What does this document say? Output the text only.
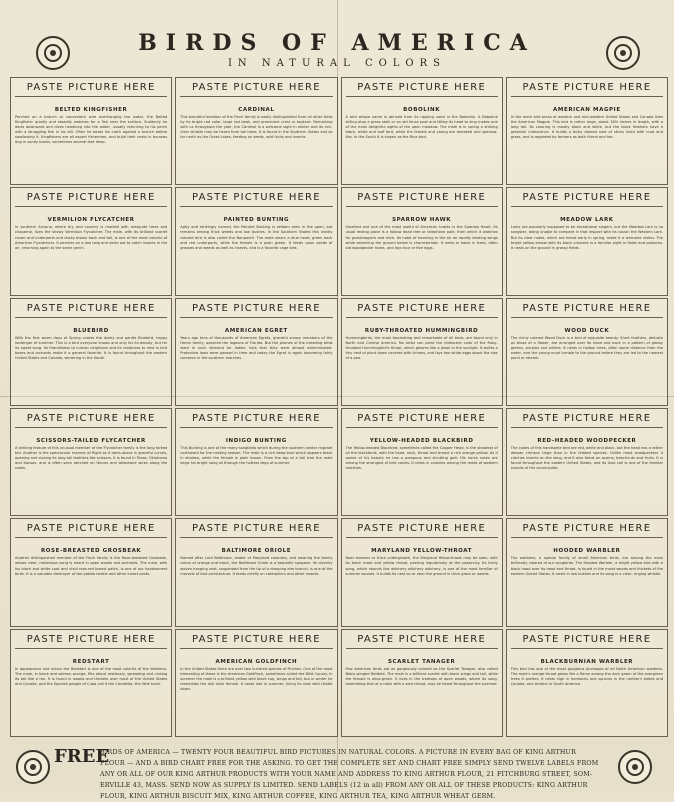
BIRDS OF AMERICA
IN NATURAL COLORS
PASTE PICTURE HERE
BELTED KINGFISHER
Perched on a branch or convenient wire overhanging the water, the Belted Kingfisher quietly and steadily watches for a fish near the surface. Suddenly he darts downward and dives headlong into the water, usually returning to his perch with a struggling fish in his bill. Often he beats his catch against a branch before swallowing it. Kingfishers are all expert fishermen, and build their nests in burrows dug in sandy banks, sometimes several feet deep.
PASTE PICTURE HERE
CARDINAL
This beautiful member of the Finch family is easily distinguished from all other birds by its bright red color, large red beak, and prominent crest or topknot. Remaining with us throughout the year, the Cardinal is a welcome sight in winter and its rich, clear whistle may be heard from tall trees. It is found in the Southern States and as far north as the Great Lakes, feeding on seeds, wild fruits and insects.
PASTE PICTURE HERE
BOBOLINK
A bird whose name is derived from its rippling voice is the Bobolink. A Bobolink sitting atop a grass stalk or an old fence post and tilting its head to sing makes one of the most delightful sights of the open meadow. The male is in spring a striking black, white and buff bird, while the female and young are streaked and sparrow-like. In the South it is known as the Rice-bird.
PASTE PICTURE HERE
AMERICAN MAGPIE
In the more arid areas of western and mid-western United States and Canada lives the American Magpie. This bird is rather large, about 18½ inches in length, with a long tail. Its coloring is mostly black and white, but the black feathers have a greenish iridescence. It builds a bulky domed nest of sticks lined with mud and grass, and is regarded by farmers as both friend and foe.
PASTE PICTURE HERE
VERMILION FLYCATCHER
In southern Arizona, where dry and country is marked with mesquite trees and chaparral, lives the showy Vermilion Flycatcher. The male, with its brilliant scarlet crown and underparts and dusky brown back and tail, is one of the most colorful of American Flycatchers. It perches on a low twig and darts out to catch insects in the air, returning again to the same perch.
PASTE PICTURE HERE
PAINTED BUNTING
Aptly and strikingly named, the Painted Bunting is seldom seen in the open, but remains among thick weeds and low bushes. In the Southern States this vividly colored bird is also called the Nonpareil. The male wears a blue head, green back and red underparts, while the female is a plain green. It feeds upon seeds of grasses and weeds as well as insects, and is a favorite cage bird.
PASTE PICTURE HERE
SPARROW HAWK
Smallest and one of the most useful of American hawks is the Sparrow Hawk. Its usual resting place is a hollow dead tree or telephone pole, from which it watches for grasshoppers and mice. Its habit of hovering in the air on rapidly beating wings while searching the ground below is characteristic. It nests in holes in trees, often old woodpecker holes, and lays four or five eggs.
PASTE PICTURE HERE
MEADOW LARK
Larks are popularly supposed to be exceptional singers, but the Meadow Lark is no songster, being unable to compare in that respect with its cousin the Western Lark. But its clear notes, which are heard early in spring, make it a welcome visitor. The bright yellow breast with its black crescent is a familiar sight in fields and pastures. It nests on the ground in grassy fields.
PASTE PICTURE HERE
BLUEBIRD
With the first warm days of Spring comes the lovely and gentle Bluebird, happy harbinger of summer. This is a bird everyone knows and only for its beauty, but for its sweet song. Its friendliness to human neighbors and its readiness to nest in bird boxes and orchards make it a general favorite. It is found throughout the eastern United States and Canada, wintering in the South.
PASTE PICTURE HERE
AMERICAN EGRET
Years ago tens of thousands of American Egrets, graceful snowy members of the Heron family, adorned the lagoons of Florida. But the plumes of the breeding birds were in such demand for ladies' hats that they were almost exterminated. Protective laws were passed in time and today the Egret is again becoming fairly common in the southern marshes.
PASTE PICTURE HERE
RUBY-THROATED HUMMINGBIRD
Hummingbirds, the most fascinating and remarkable of all birds, are found only in North and Central America. No artist can paint the iridescent color of the Ruby-throated Hummingbird's throat, which gleams like a jewel in the sunlight. It builds a tiny nest of plant down covered with lichens, and lays two white eggs about the size of a pea.
PASTE PICTURE HERE
WOOD DUCK
The richly colored Wood Duck is a bird of exquisite beauty. Short feathers, delicate as those of a flower, are arranged over its head and back in a pattern of glossy greens, purples and whites. It nests in hollow trees, often some distance from the water, and the young must tumble to the ground before they are led to the nearest pond or stream.
PASTE PICTURE HERE
SCISSORS-TAILED FLYCATCHER
A striking feature of this unusual member of the Flycatcher family is the long forked tail. Another is the spectacular manner of flight as it darts about in graceful curves, opening and closing its long tail feathers like scissors. It is found in Texas, Oklahoma and Kansas, and is often seen perched on fences and telephone wires along the roads.
PASTE PICTURE HERE
INDIGO BUNTING
This Bunting is one of the many songbirds which during the southern winter migrate northward for the nesting season. The male is a rich deep blue which appears black in shadow, while the female is plain brown. From the top of a tall tree the male sings his bright song all through the hottest days of summer.
PASTE PICTURE HERE
YELLOW-HEADED BLACKBIRD
The Yellow-headed Blackbird, sometimes called the Copper Head, is the showiest of all the blackbirds, with the head, neck, throat and breast a rich orange-yellow. As if aware of his beauty he has a pompous and strutting gait. His harsh notes are among the strangest of bird voices. It nests in colonies among the reeds of western marshes.
PASTE PICTURE HERE
RED-HEADED WOODPECKER
The colors of this handsome bird are red, white and black, but the head has a rather deeper crimson tinge than in the related species. Unlike most woodpeckers it catches insects on the wing, and it also feeds on acorns, beechnuts and fruits. It is found throughout the eastern United States, and its loud call is one of the familiar sounds of the countryside.
PASTE PICTURE HERE
ROSE-BREASTED GROSBEAK
Another distinguished member of the Finch family is the Rose-breasted Grosbeak, whose clear, melodious song is heard in open woods and orchards. The male, with his black and white coat and vivid rose-red breast patch, is one of our handsomest birds. It is a valuable destroyer of the potato beetle and other insect pests.
PASTE PICTURE HERE
BALTIMORE ORIOLE
Named after Lord Baltimore, leader of Maryland colonists, and wearing the family colors of orange and black, the Baltimore Oriole is a beautiful songster. Its cleverly woven hanging nest, suspended from the tip of a drooping elm branch, is one of the marvels of bird architecture. It feeds chiefly on caterpillars and other insects.
PASTE PICTURE HERE
MARYLAND YELLOW-THROAT
Near streams or thick undergrowth, the Maryland Yellow-throat may be seen, with its black mask and yellow throat, peering inquisitively at the passer-by. Its lively song, which sounds like witchery witchery witchery, is one of the most familiar of summer sounds. It builds its nest on or near the ground in thick grass or weeds.
PASTE PICTURE HERE
HOODED WARBLER
The warblers, a special family of small American birds, are among the most brilliantly colored of our songbirds. The Hooded Warbler, a bright yellow bird with a black hood over its head and throat, is found in the moist woods and thickets of the eastern United States. It nests in low bushes and its song is a clear, ringing whistle.
PASTE PICTURE HERE
REDSTART
In appearance and action the Redstart is one of the most colorful of the Warblers. The male, in black and salmon-orange, flits about restlessly, spreading and closing its tail like a fan. It is found in woods and thickets over most of the United States and Canada, and the Spanish people of Cuba call it the Candelita, the little torch.
PASTE PICTURE HERE
AMERICAN GOLDFINCH
In the United States there are over two hundred species of Finches. One of the most interesting of these is the American Goldfinch, sometimes called the Wild Canary. In summer the male is a brilliant yellow with black cap, wings and tail, but in winter he resembles the dull olive female. It nests late in summer, lining its nest with thistle down.
PASTE PICTURE HERE
SCARLET TANAGER
Few American birds are as gorgeously colored as the Scarlet Tanager, also called Black-winged Redbird. The male is a brilliant scarlet with black wings and tail, while the female is olive-green. It lives in the treetops of open woods, where its song, resembling that of a robin with a sore throat, may be heard throughout the summer.
PASTE PICTURE HERE
BLACKBURNIAN WARBLER
This bird has one of the most gorgeous plumages of all North American warblers. The male's orange throat glows like a flame among the dark green of the evergreen trees it prefers. It nests high in hemlocks and spruces in the northern states and Canada, and winters in South America.
FREE
BIRDS OF AMERICA — TWENTY FOUR BEAUTIFUL BIRD PICTURES IN NATURAL COLORS. A PICTURE IN EVERY BAG OF KING ARTHUR
FLOUR — AND A BIRD CHART FREE FOR THE ASKING. TO GET THE COMPLETE SET AND CHART FREE SIMPLY SEND TWELVE LABELS FROM
ANY OR ALL OF OUR KING ARTHUR PRODUCTS WITH YOUR NAME AND ADDRESS TO KING ARTHUR FLOUR, 21 FITCHBURG STREET, SOM-
ERVILLE 43, MASS. SEND NOW AS SUPPLY IS LIMITED. SEND LABELS (12 in all) FROM ANY OR ALL OF THESE PRODUCTS: KING ARTHUR
FLOUR, KING ARTHUR BISCUIT MIX, KING ARTHUR COFFEE, KING ARTHUR TEA, KING ARTHUR WHEAT GERM.
